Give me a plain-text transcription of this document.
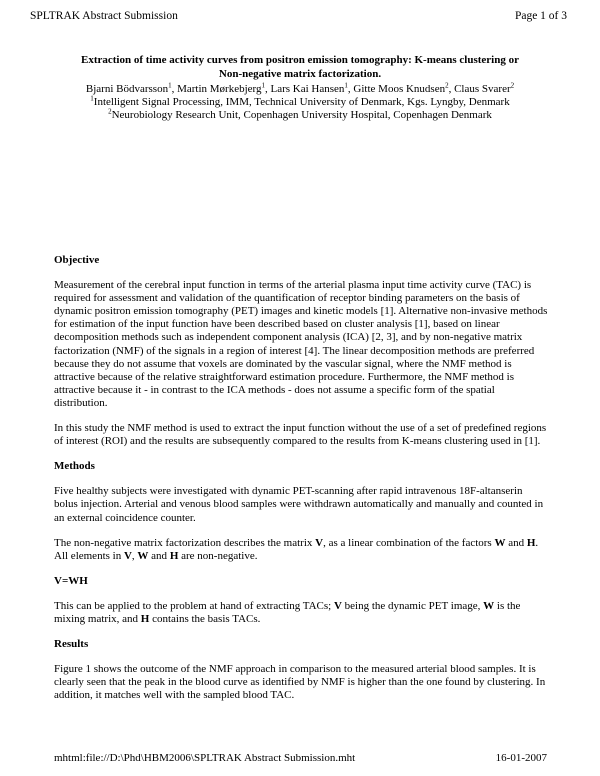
SPLTRAK Abstract Submission	Page 1 of 3
Extraction of time activity curves from positron emission tomography: K-means clustering or
Non-negative matrix factorization.
Bjarni Bödvarsson$^1$, Martin Mørkebjerg$^1$, Lars Kai Hansen$^1$, Gitte Moos Knudsen$^2$, Claus Svarer$^2$
$^1$Intelligent Signal Processing, IMM, Technical University of Denmark, Kgs. Lyngby, Denmark
$^2$Neurobiology Research Unit, Copenhagen University Hospital, Copenhagen Denmark
Objective

Measurement of the cerebral input function in terms of the arterial plasma input time activity curve (TAC) is required for assessment and validation of the quantification of receptor binding parameters on the basis of dynamic positron emission tomography (PET) images and kinetic models [1]. Alternative non-invasive methods for estimation of the input function have been described based on cluster analysis [1], based on linear decomposition methods such as independent component analysis (ICA) [2, 3], and by non-negative matrix factorization (NMF) of the signals in a region of interest [4]. The linear decomposition methods are preferred because they do not assume that voxels are dominated by the vascular signal, where the NMF method is attractive because of the relative straightforward estimation procedure. Furthermore, the NMF method is attractive because it - in contrast to the ICA methods - does not assume a specific form of the spatial distribution.

In this study the NMF method is used to extract the input function without the use of a set of predefined regions of interest (ROI) and the results are subsequently compared to the results from K-means clustering used in [1].

Methods

Five healthy subjects were investigated with dynamic PET-scanning after rapid intravenous 18F-altanserin bolus injection. Arterial and venous blood samples were withdrawn automatically and manually and counted in an external coincidence counter.

The non-negative matrix factorization describes the matrix V, as a linear combination of the factors W and H. All elements in V, W and H are non-negative.

V=WH

This can be applied to the problem at hand of extracting TACs; V being the dynamic PET image, W is the mixing matrix, and H contains the basis TACs.

Results

Figure 1 shows the outcome of the NMF approach in comparison to the measured arterial blood samples. It is clearly seen that the peak in the blood curve as identified by NMF is higher than the one found by clustering. In addition, it matches well with the sampled blood TAC.

mhtml:file://D:\Phd\HBM2006\SPLTRAK Abstract Submission.mht	16-01-2007
